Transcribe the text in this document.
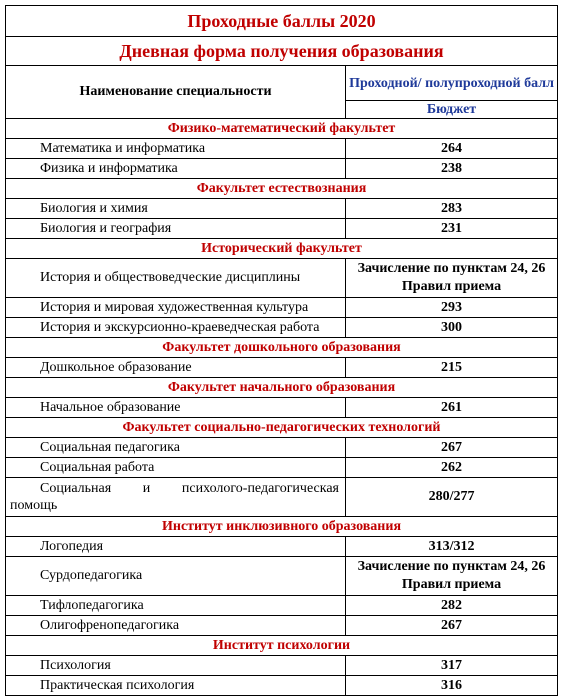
Проходные баллы 2020	
Дневная форма получения образования	
Наименование специальности	Проходной/ полупроходной балл
	Бюджет
Физико-математический факультет	
Математика и информатика	264
Физика и информатика	238
Факультет естествознания	
Биология и химия	283
Биология и география	231
Исторический факультет	
История и обществоведческие дисциплины	Зачисление по пунктам 24, 26 Правил приема
История и мировая художественная культура	293
История и экскурсионно-краеведческая работа	300
Факультет дошкольного образования	
Дошкольное образование	215
Факультет начального образования	
Начальное образование	261
Факультет социально-педагогических технологий	
Социальная педагогика	267
Социальная работа	262

Социальная и психолого-педагогическая
помощь	280/277
Институт инклюзивного образования	
Логопедия	313/312
Сурдопедагогика	Зачисление по пунктам 24, 26 Правил приема
Тифлопедагогика	282
Олигофренопедагогика	267
Институт психологии	
Психология	317
Практическая психология	316
